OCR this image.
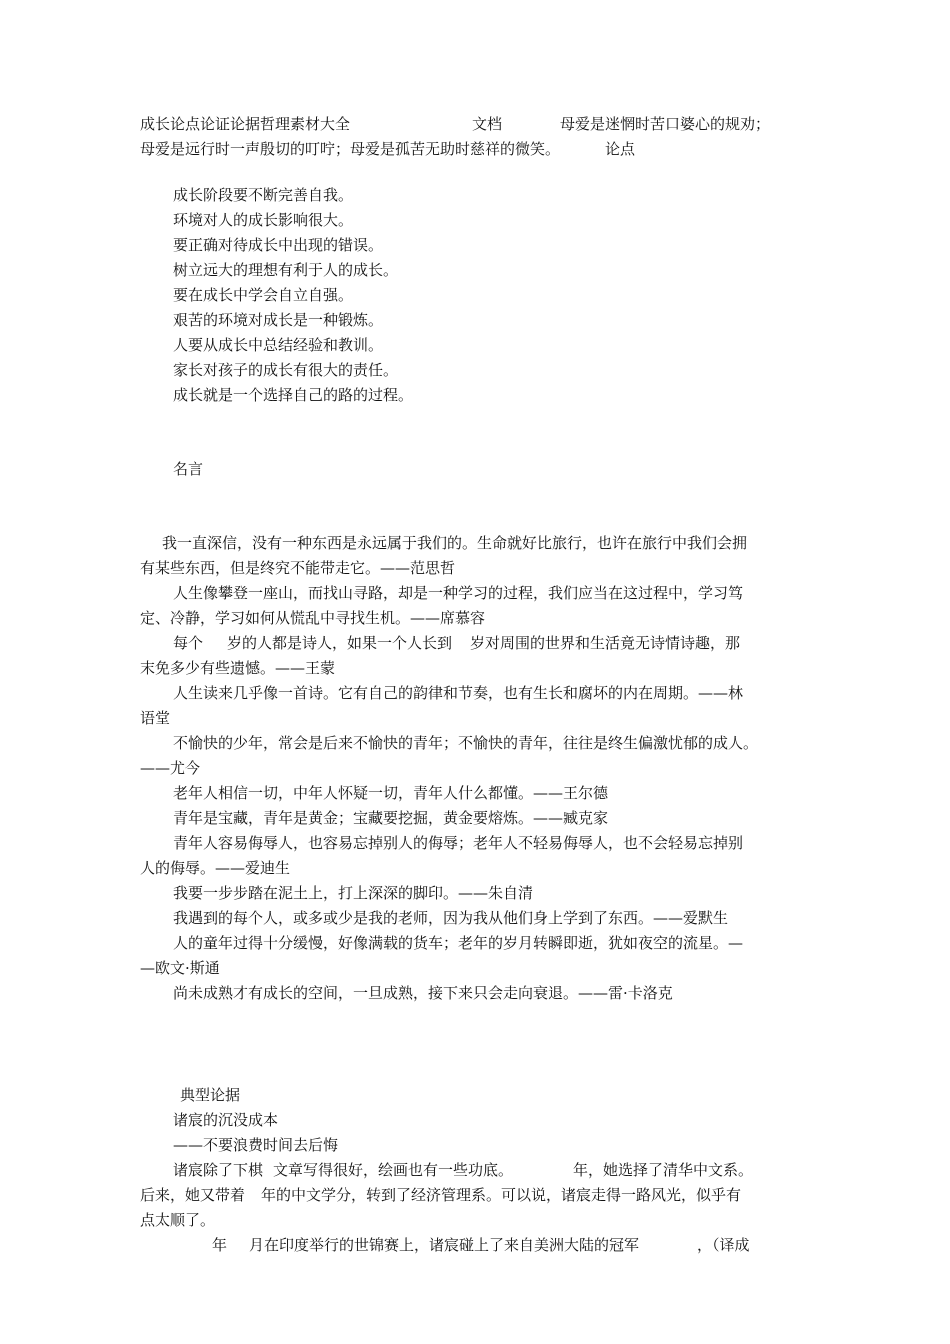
成长论点论证论据哲理素材大全	文档	母爱是迷惘时苦口婆心的规劝；
母爱是远行时一声殷切的叮咛；母爱是孤苦无助时慈祥的微笑。	论点
成长阶段要不断完善自我。
环境对人的成长影响很大。
要正确对待成长中出现的错误。
树立远大的理想有利于人的成长。
要在成长中学会自立自强。
艰苦的环境对成长是一种锻炼。
人要从成长中总结经验和教训。
家长对孩子的成长有很大的责任。
成长就是一个选择自己的路的过程。
名言
我一直深信，没有一种东西是永远属于我们的。生命就好比旅行，也许在旅行中我们会拥
有某些东西，但是终究不能带走它。——范思哲
人生像攀登一座山，而找山寻路，却是一种学习的过程，我们应当在这过程中，学习笃
定、冷静，学习如何从慌乱中寻找生机。——席慕容
每个 岁的人都是诗人，如果一个人长到 岁对周围的世界和生活竟无诗情诗趣，那
末免多少有些遗憾。——王蒙
人生读来几乎像一首诗。它有自己的韵律和节奏，也有生长和腐坏的内在周期。——林
语堂
不愉快的少年，常会是后来不愉快的青年；不愉快的青年，往往是终生偏激忧郁的成人。
——尤今
老年人相信一切，中年人怀疑一切，青年人什么都懂。——王尔德
青年是宝藏，青年是黄金；宝藏要挖掘，黄金要熔炼。——臧克家
青年人容易侮辱人，也容易忘掉别人的侮辱；老年人不轻易侮辱人，也不会轻易忘掉别
人的侮辱。——爱迪生
我要一步步踏在泥土上，打上深深的脚印。——朱自清
我遇到的每个人，或多或少是我的老师，因为我从他们身上学到了东西。——爱默生
人的童年过得十分缓慢，好像满载的货车；老年的岁月转瞬即逝，犹如夜空的流星。—
—欧文·斯通
尚未成熟才有成长的空间，一旦成熟，接下来只会走向衰退。——雷·卡洛克
典型论据
诸宸的沉没成本
——不要浪费时间去后悔
诸宸除了下棋 文章写得很好，绘画也有一些功底。	年，她选择了清华中文系。
后来，她又带着 年的中文学分，转到了经济管理系。可以说，诸宸走得一路风光，似乎有
点太顺了。
年 月在印度举行的世锦赛上，诸宸碰上了来自美洲大陆的冠军	，（译成
